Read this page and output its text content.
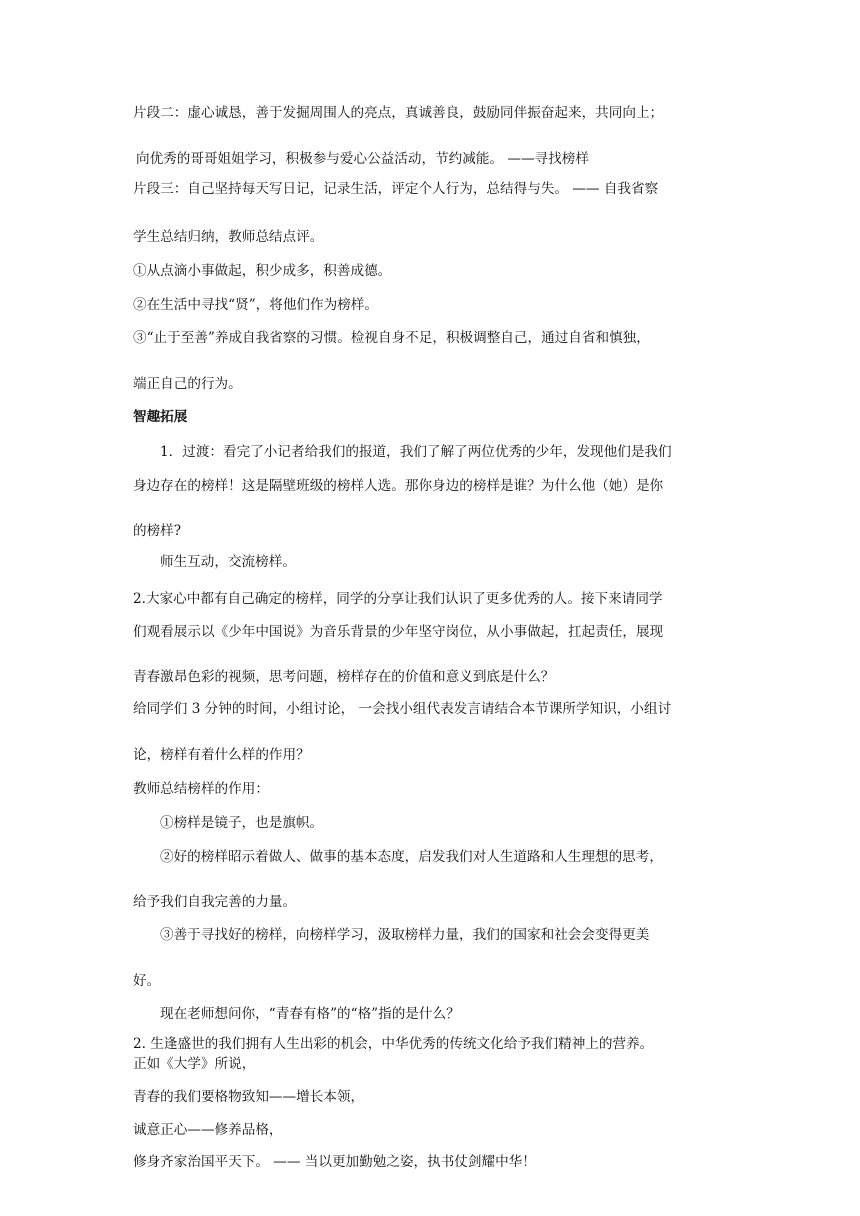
片段二：虚心诚恳，善于发掘周围人的亮点，真诚善良，鼓励同伴振奋起来，共同向上；
向优秀的哥哥姐姐学习，积极参与爱心公益活动，节约减能。 ——寻找榜样
片段三：自己坚持每天写日记，记录生活，评定个人行为，总结得与失。 —— 自我省察
学生总结归纳，教师总结点评。
①从点滴小事做起，积少成多，积善成德。
②在生活中寻找“贤”，将他们作为榜样。
③“止于至善”养成自我省察的习惯。检视自身不足，积极调整自己，通过自省和慎独，
端正自己的行为。
智趣拓展
1．过渡：看完了小记者给我们的报道，我们了解了两位优秀的少年，发现他们是我们
身边存在的榜样！这是隔壁班级的榜样人选。那你身边的榜样是谁？为什么他（她）是你
的榜样?
师生互动，交流榜样。
2.大家心中都有自己确定的榜样，同学的分享让我们认识了更多优秀的人。接下来请同学
们观看展示以《少年中国说》为音乐背景的少年坚守岗位，从小事做起，扛起责任，展现
青春激昂色彩的视频，思考问题，榜样存在的价值和意义到底是什么？
给同学们 3 分钟的时间，小组讨论， 一会找小组代表发言请结合本节课所学知识，小组讨
论，榜样有着什么样的作用？
教师总结榜样的作用：
①榜样是镜子，也是旗帜。
②好的榜样昭示着做人、做事的基本态度，启发我们对人生道路和人生理想的思考，
给予我们自我完善的力量。
③善于寻找好的榜样，向榜样学习，汲取榜样力量，我们的国家和社会会变得更美
好。
现在老师想问你，“青春有格”的“格”指的是什么？
2. 生逢盛世的我们拥有人生出彩的机会，中华优秀的传统文化给予我们精神上的营养。
正如《大学》所说，
青春的我们要格物致知——增长本领，
诚意正心——修养品格，
修身齐家治国平天下。 —— 当以更加勤勉之姿，执书仗剑耀中华！
